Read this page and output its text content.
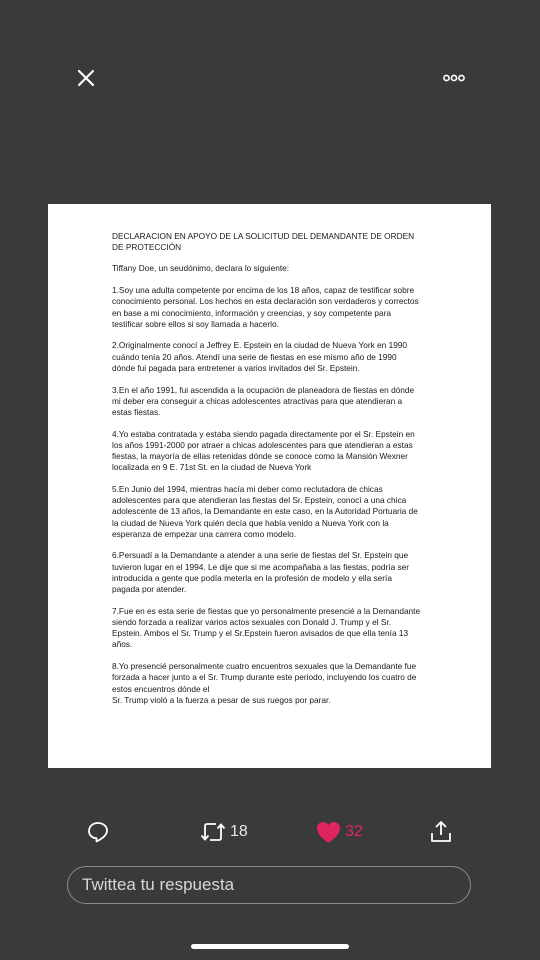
DECLARACION EN APOYO DE LA SOLICITUD DEL DEMANDANTE DE ORDEN DE PROTECCIÓN

Tiffany Doe, un seudónimo, declara lo siguiente:

1.Soy una adulta competente por encima de los 18 años, capaz de testificar sobre conocimiento personal. Los hechos en esta declaración son verdaderos y correctos en base a mi conocimiento, información y creencias, y soy competente para testificar sobre ellos si soy llamada a hacerlo.

2.Originalmente conocí a Jeffrey E. Epstein en la ciudad de Nueva York en 1990 cuándo tenía 20 años. Atendí una serie de fiestas en ese mismo año de 1990 dónde fui pagada para entretener a varios invitados del Sr. Epstein.

3.En el año 1991, fui ascendida a la ocupación de planeadora de fiestas en dónde mi deber era conseguir a chicas adolescentes atractivas para que atendieran a estas fiestas.

4.Yo estaba contratada y estaba siendo pagada directamente por el Sr. Epstein en los años 1991-2000 por atraer a chicas adolescentes para que atendieran a estas fiestas, la mayoría de ellas retenidas dónde se conoce como la Mansión Wexner localizada en 9 E. 71st St. en la ciudad de Nueva York

5.En Junio del 1994, mientras hacía mi deber como reclutadora de chicas adolescentes para que atendieran las fiestas del Sr. Epstein, conocí a una chica adolescente de 13 años, la Demandante en este caso, en la Autoridad Portuaria de la ciudad de Nueva York quién decía que había venido a Nueva York con la esperanza de empezar una carrera como modelo.

6.Persuadí a la Demandante a atender a una serie de fiestas del Sr. Epstein que tuvieron lugar en el 1994. Le dije que si me acompañaba a las fiestas, podría ser introducida a gente que podía meterla en la profesión de modelo y ella sería pagada por atender.

7.Fue en es esta serie de fiestas que yo personalmente presencié a la Demandante siendo forzada a realizar varios actos sexuales con Donald J. Trump y el Sr. Epstein. Ambos el Sr. Trump y el Sr.Epstein fueron avisados de que ella tenía 13 años.

8.Yo presencié personalmente cuatro encuentros sexuales que la Demandante fue forzada a hacer junto a el Sr. Trump durante este periodo, incluyendo los cuatro de estos encuentros dónde el
Sr. Trump violó a la fuerza a pesar de sus ruegos por parar.

18	32
Twittea tu respuesta
